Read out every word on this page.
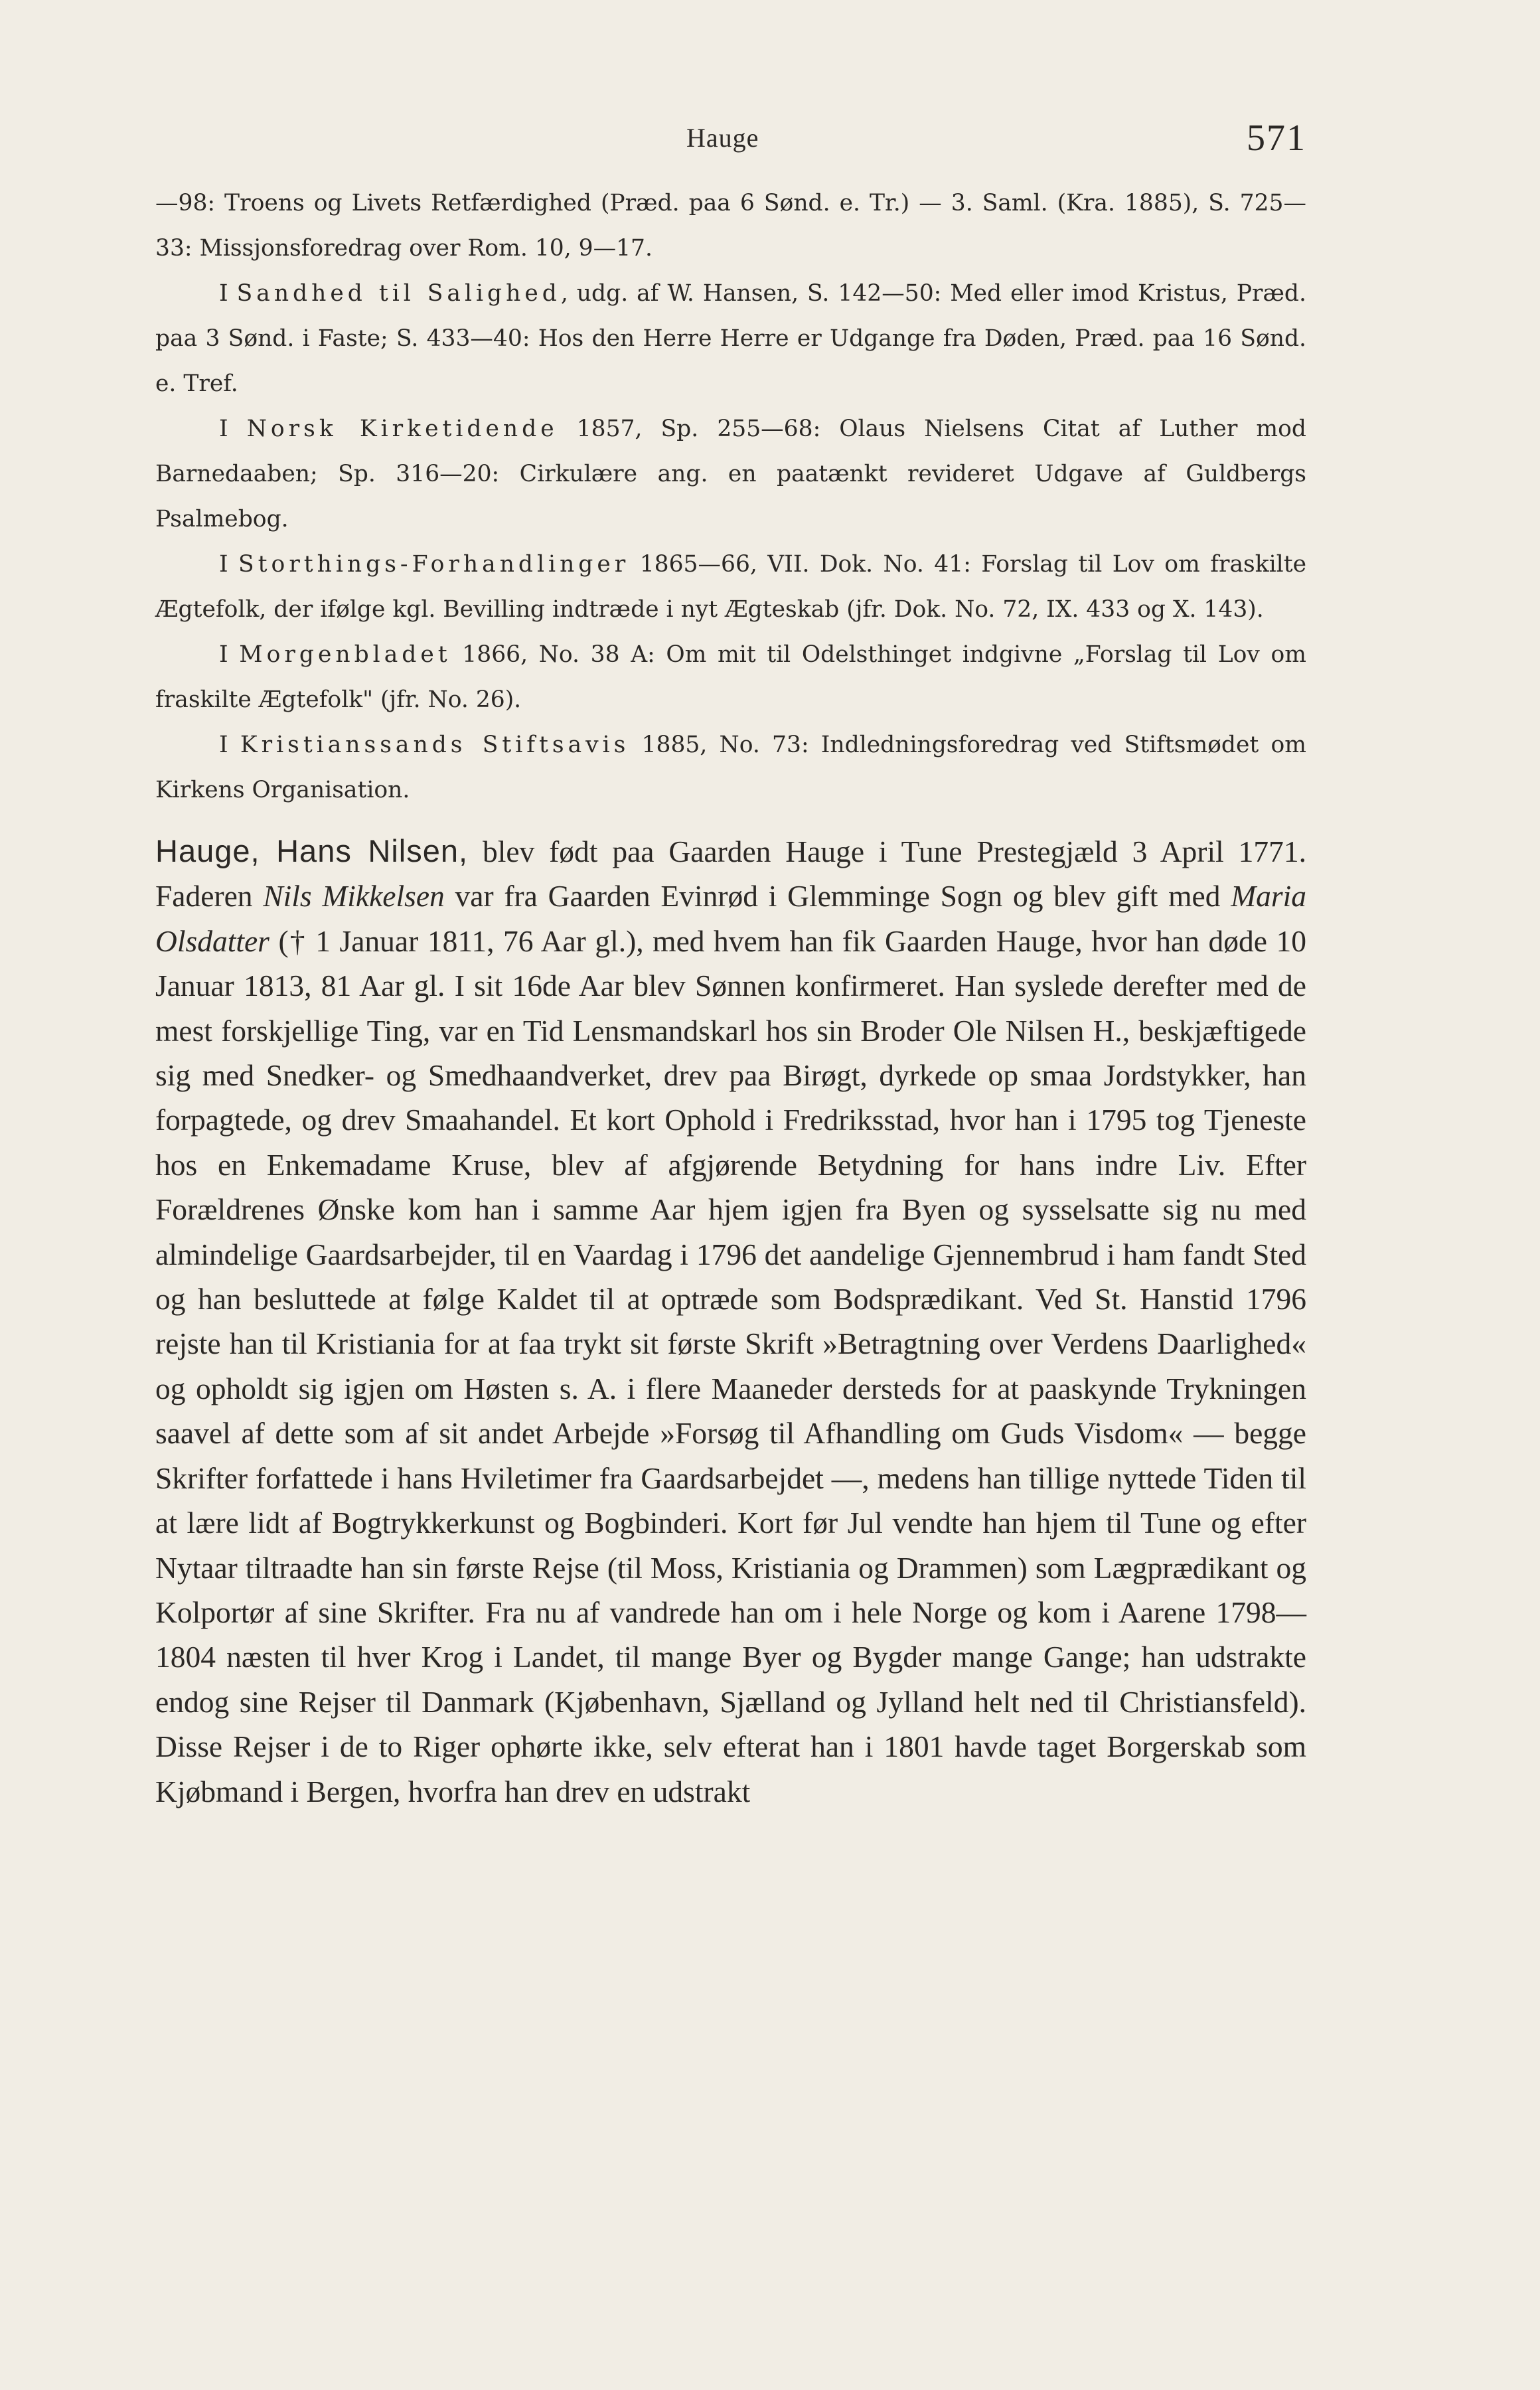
Hauge	571

—98: Troens og Livets Retfærdighed (Præd. paa 6 Sønd. e. Tr.) — 3. Saml. (Kra. 1885), S. 725—33: Missjonsforedrag over Rom. 10, 9—17.

I Sandhed til Salighed, udg. af W. Hansen, S. 142—50: Med eller imod Kristus, Præd. paa 3 Sønd. i Faste; S. 433—40: Hos den Herre Herre er Udgange fra Døden, Præd. paa 16 Sønd. e. Tref.

I Norsk Kirketidende 1857, Sp. 255—68: Olaus Nielsens Citat af Luther mod Barnedaaben; Sp. 316—20: Cirkulære ang. en paatænkt revideret Udgave af Guldbergs Psalmebog.

I Storthings-Forhandlinger 1865—66, VII. Dok. No. 41: Forslag til Lov om fraskilte Ægtefolk, der ifølge kgl. Bevilling indtræde i nyt Ægteskab (jfr. Dok. No. 72, IX. 433 og X. 143).

I Morgenbladet 1866, No. 38 A: Om mit til Odelsthinget indgivne „Forslag til Lov om fraskilte Ægtefolk" (jfr. No. 26).

I Kristianssands Stiftsavis 1885, No. 73: Indledningsforedrag ved Stiftsmødet om Kirkens Organisation.

Hauge, Hans Nilsen, blev født paa Gaarden Hauge i Tune Prestegjæld 3 April 1771. Faderen Nils Mikkelsen var fra Gaarden Evinrød i Glemminge Sogn og blev gift med Maria Olsdatter († 1 Januar 1811, 76 Aar gl.), med hvem han fik Gaarden Hauge, hvor han døde 10 Januar 1813, 81 Aar gl. I sit 16de Aar blev Sønnen konfirmeret. Han syslede derefter med de mest forskjellige Ting, var en Tid Lensmandskarl hos sin Broder Ole Nilsen H., beskjæftigede sig med Snedker- og Smedhaandverket, drev paa Birøgt, dyrkede op smaa Jordstykker, han forpagtede, og drev Smaahandel. Et kort Ophold i Fredriksstad, hvor han i 1795 tog Tjeneste hos en Enkemadame Kruse, blev af afgjørende Betydning for hans indre Liv. Efter Forældrenes Ønske kom han i samme Aar hjem igjen fra Byen og sysselsatte sig nu med almindelige Gaardsarbejder, til en Vaardag i 1796 det aandelige Gjennembrud i ham fandt Sted og han besluttede at følge Kaldet til at optræde som Bodsprædikant. Ved St. Hanstid 1796 rejste han til Kristiania for at faa trykt sit første Skrift »Betragtning over Verdens Daarlighed« og opholdt sig igjen om Høsten s. A. i flere Maaneder dersteds for at paaskynde Trykningen saavel af dette som af sit andet Arbejde »Forsøg til Afhandling om Guds Visdom« — begge Skrifter forfattede i hans Hviletimer fra Gaardsarbejdet —, medens han tillige nyttede Tiden til at lære lidt af Bogtrykkerkunst og Bogbinderi. Kort før Jul vendte han hjem til Tune og efter Nytaar tiltraadte han sin første Rejse (til Moss, Kristiania og Drammen) som Lægprædikant og Kolportør af sine Skrifter. Fra nu af vandrede han om i hele Norge og kom i Aarene 1798—1804 næsten til hver Krog i Landet, til mange Byer og Bygder mange Gange; han udstrakte endog sine Rejser til Danmark (Kjøbenhavn, Sjælland og Jylland helt ned til Christiansfeld). Disse Rejser i de to Riger ophørte ikke, selv efterat han i 1801 havde taget Borgerskab som Kjøbmand i Bergen, hvorfra han drev en udstrakt
